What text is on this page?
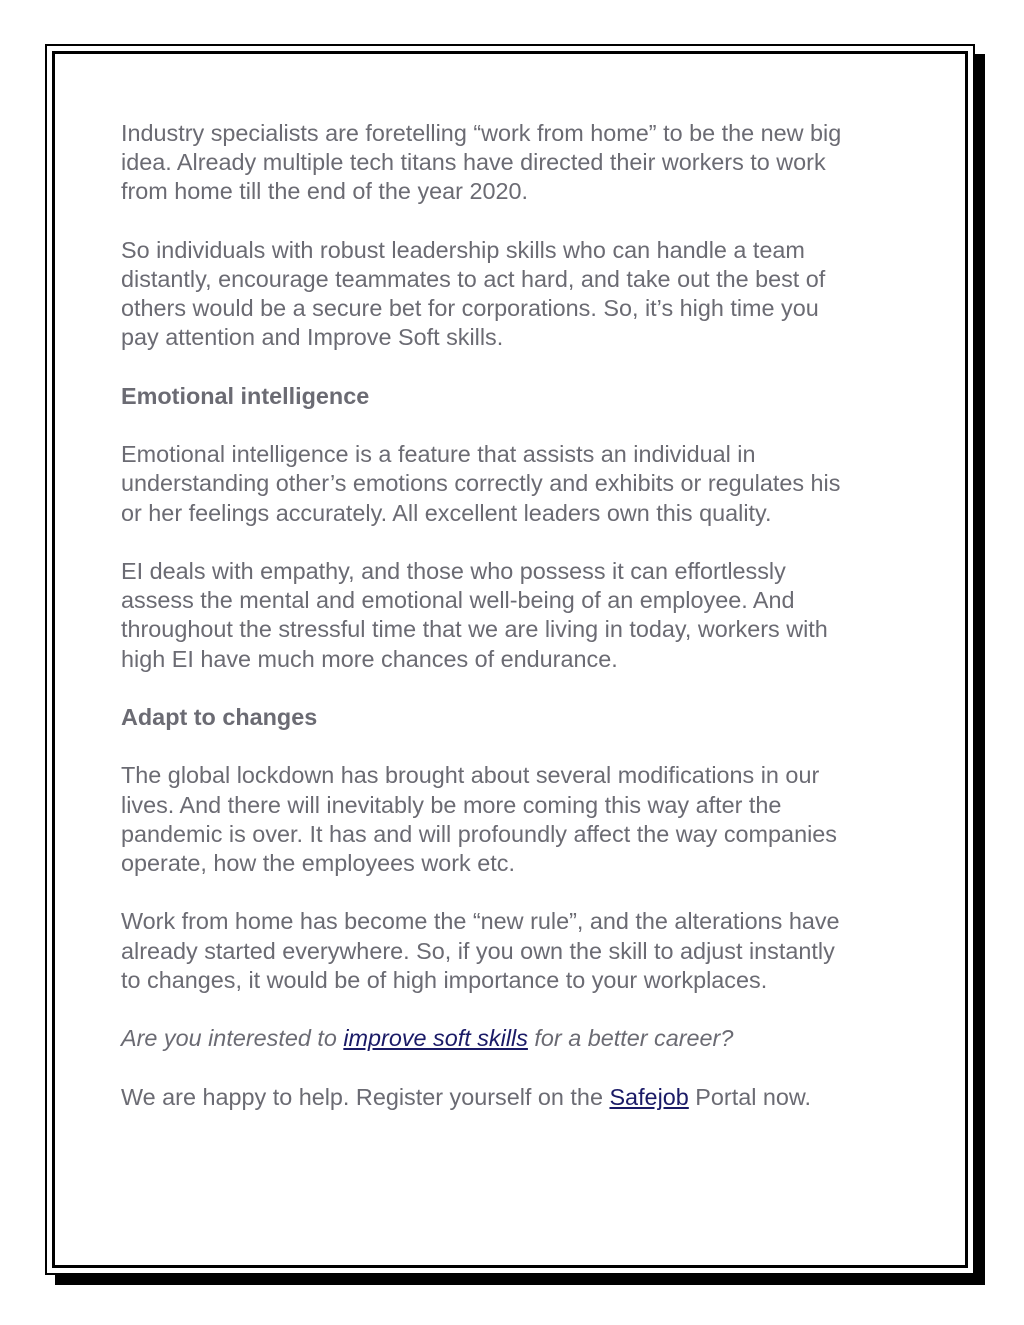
Industry specialists are foretelling “work from home” to be the new big
idea. Already multiple tech titans have directed their workers to work
from home till the end of the year 2020.

So individuals with robust leadership skills who can handle a team
distantly, encourage teammates to act hard, and take out the best of
others would be a secure bet for corporations. So, it’s high time you
pay attention and Improve Soft skills.

Emotional intelligence

Emotional intelligence is a feature that assists an individual in
understanding other’s emotions correctly and exhibits or regulates his
or her feelings accurately. All excellent leaders own this quality.

EI deals with empathy, and those who possess it can effortlessly
assess the mental and emotional well-being of an employee. And
throughout the stressful time that we are living in today, workers with
high EI have much more chances of endurance.

Adapt to changes

The global lockdown has brought about several modifications in our
lives. And there will inevitably be more coming this way after the
pandemic is over. It has and will profoundly affect the way companies
operate, how the employees work etc.

Work from home has become the “new rule”, and the alterations have
already started everywhere. So, if you own the skill to adjust instantly
to changes, it would be of high importance to your workplaces.

Are you interested to improve soft skills for a better career?

We are happy to help. Register yourself on the Safejob Portal now.
